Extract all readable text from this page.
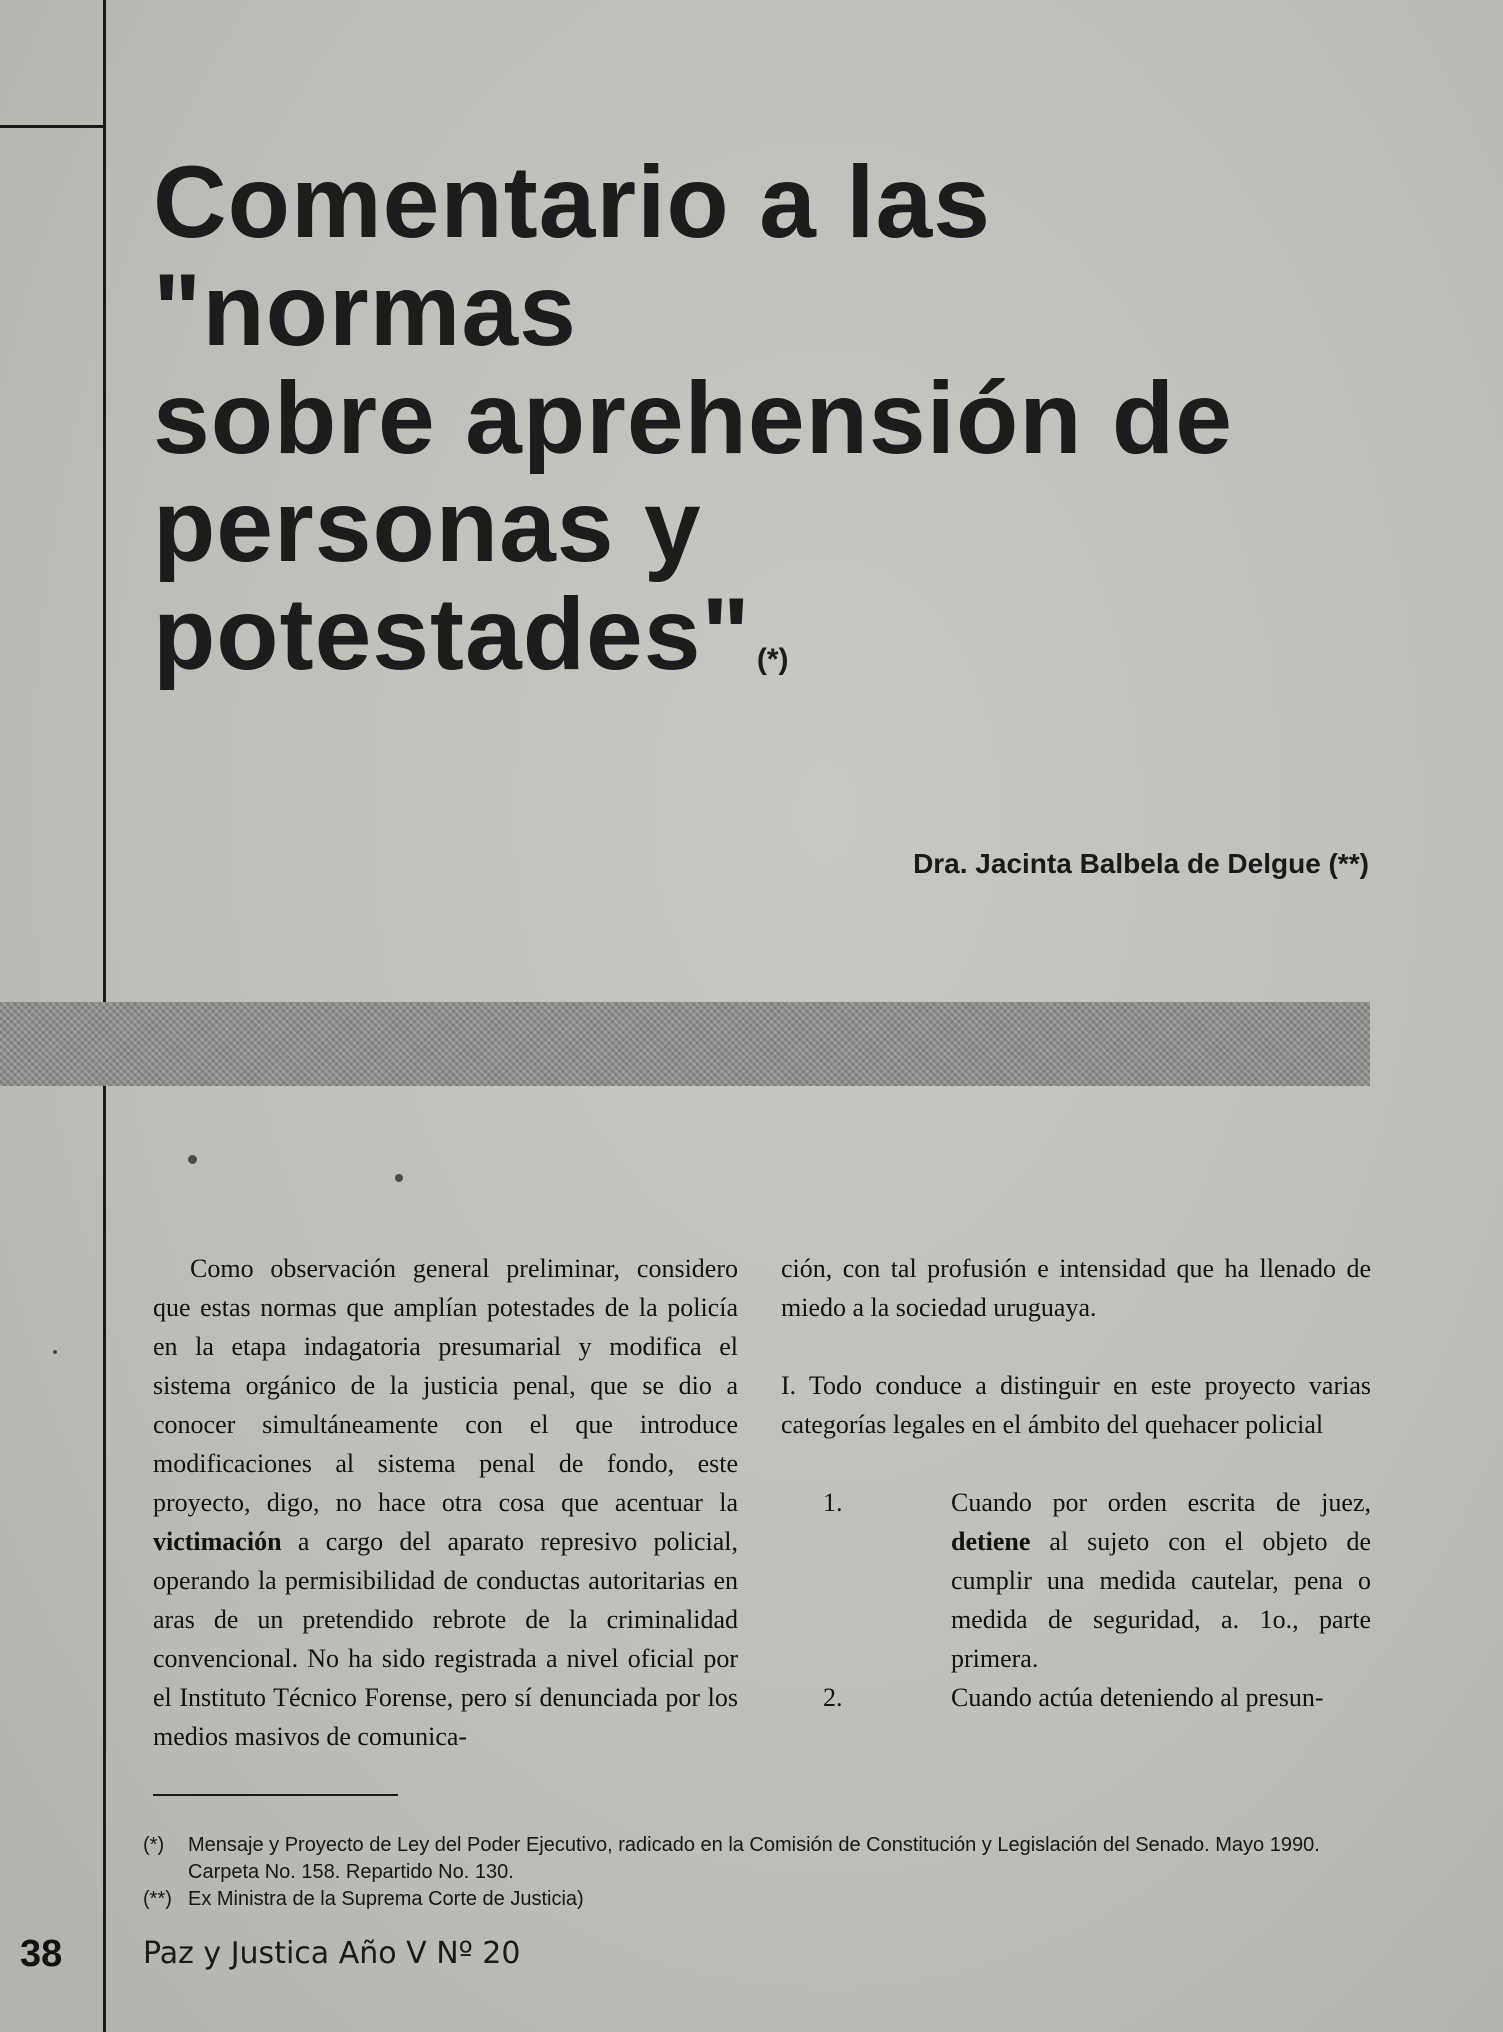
Comentario a las
"normas
sobre aprehensión de
personas y
potestades" (*)
Dra. Jacinta Balbela de Delgue (**)

Como observación general preliminar, considero que estas normas que amplían potestades de la policía en la etapa indagatoria presumarial y modifica el sistema orgánico de la justicia penal, que se dio a conocer simultáneamente con el que introduce modificaciones al sistema penal de fondo, este proyecto, digo, no hace otra cosa que acentuar la victimación a cargo del aparato represivo policial, operando la permisibilidad de conductas autoritarias en aras de un pretendido rebrote de la criminalidad convencional. No ha sido registrada a nivel oficial por el Instituto Técnico Forense, pero sí denunciada por los medios masivos de comunica-

ción, con tal profusión e intensidad que ha llenado de miedo a la sociedad uruguaya.

I. Todo conduce a distinguir en este proyecto varias categorías legales en el ámbito del quehacer policial

1.	Cuando por orden escrita de juez, detiene al sujeto con el objeto de cumplir una medida cautelar, pena o medida de seguridad, a. 1o., parte primera.
2.	Cuando actúa deteniendo al presun-
(*)	Mensaje y Proyecto de Ley del Poder Ejecutivo, radicado en la Comisión de Constitución y Legislación del Senado. Mayo 1990. Carpeta No. 158. Repartido No. 130.
(**) Ex Ministra de la Suprema Corte de Justicia)
38	Paz y Justica Año V Nº 20
